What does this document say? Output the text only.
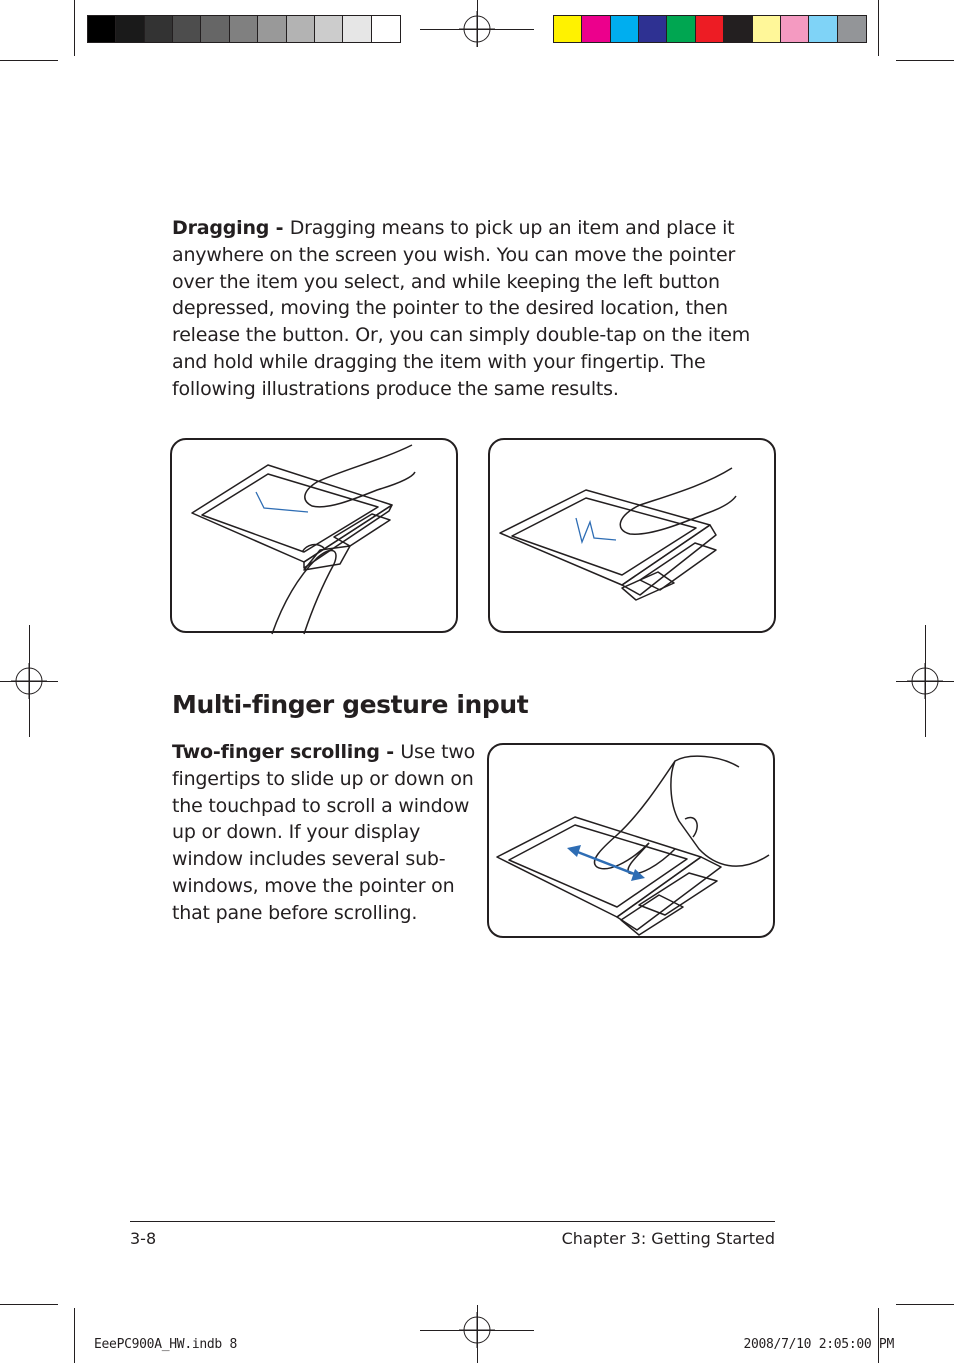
Dragging - Dragging means to pick up an item and place it anywhere on the screen you wish. You can move the pointer over the item you select, and while keeping the left button depressed, moving the pointer to the desired location, then release the button. Or, you can simply double-tap on the item and hold while dragging the item with your fingertip. The following illustrations produce the same results.
Multi-finger gesture input
Two-finger scrolling - Use two fingertips to slide up or down on the touchpad to scroll a window up or down. If your display window includes several sub-windows, move the pointer on that pane before scrolling.
3-8	Chapter 3: Getting Started
EeePC900A_HW.indb 8	2008/7/10 2:05:00 PM
